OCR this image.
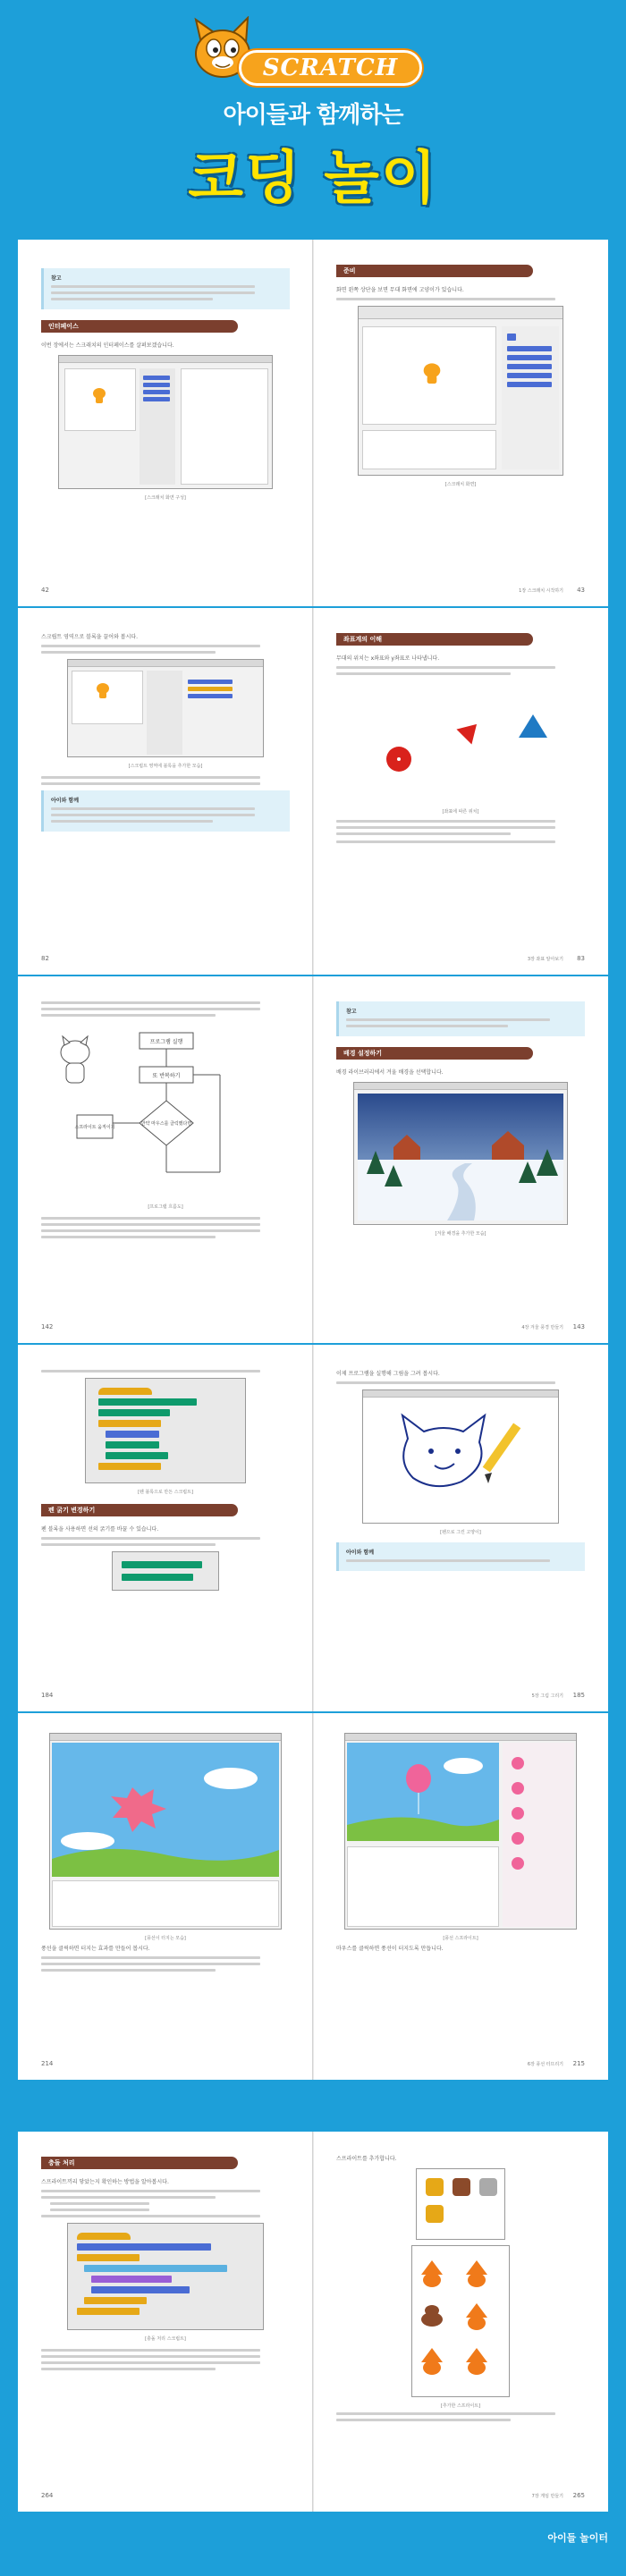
SCRATCH
아이들과 함께하는
코딩 놀이
참고
인터페이스
이번 장에서는 스크래치의 인터페이스를 살펴보겠습니다.
[스크래치 화면 구성]
42
준비
화면 왼쪽 상단을 보면 무대 화면에 고양이가 있습니다.
[스크래치 화면]
1장 스크래치 시작하기 43
스크립트 영역으로 블록을 끌어와 봅시다.
[스크립트 영역에 블록을 추가한 모습]
아이와 함께
82
좌표계의 이해
무대의 위치는 x좌표와 y좌표로 나타냅니다.
[좌표에 따른 위치]
3장 좌표 알아보기 83
프로그램 실행
또 반복하기
만약 마우스를 클릭했다면
스프라이트 움직이기
[프로그램 흐름도]
142
참고
배경 설정하기
배경 라이브러리에서 겨울 배경을 선택합니다.
[겨울 배경을 추가한 모습]
4장 겨울 풍경 만들기 143
[펜 블록으로 만든 스크립트]
펜 굵기 변경하기
펜 블록을 사용하면 선의 굵기를 바꿀 수 있습니다.
184
이제 프로그램을 실행해 그림을 그려 봅시다.
[펜으로 그린 고양이]
아이와 함께
5장 그림 그리기 185
[풍선이 터지는 모습]
풍선을 클릭하면 터지는 효과를 만들어 봅시다.
214
[풍선 스프라이트]
마우스를 클릭하면 풍선이 터지도록 만듭니다.
6장 풍선 터뜨리기 215
충돌 처리
스프라이트끼리 닿았는지 확인하는 방법을 알아봅시다.
[충돌 처리 스크립트]
264
스프라이트를 추가합니다.
[추가한 스프라이트]
7장 게임 만들기 265
아이들 놀이터
